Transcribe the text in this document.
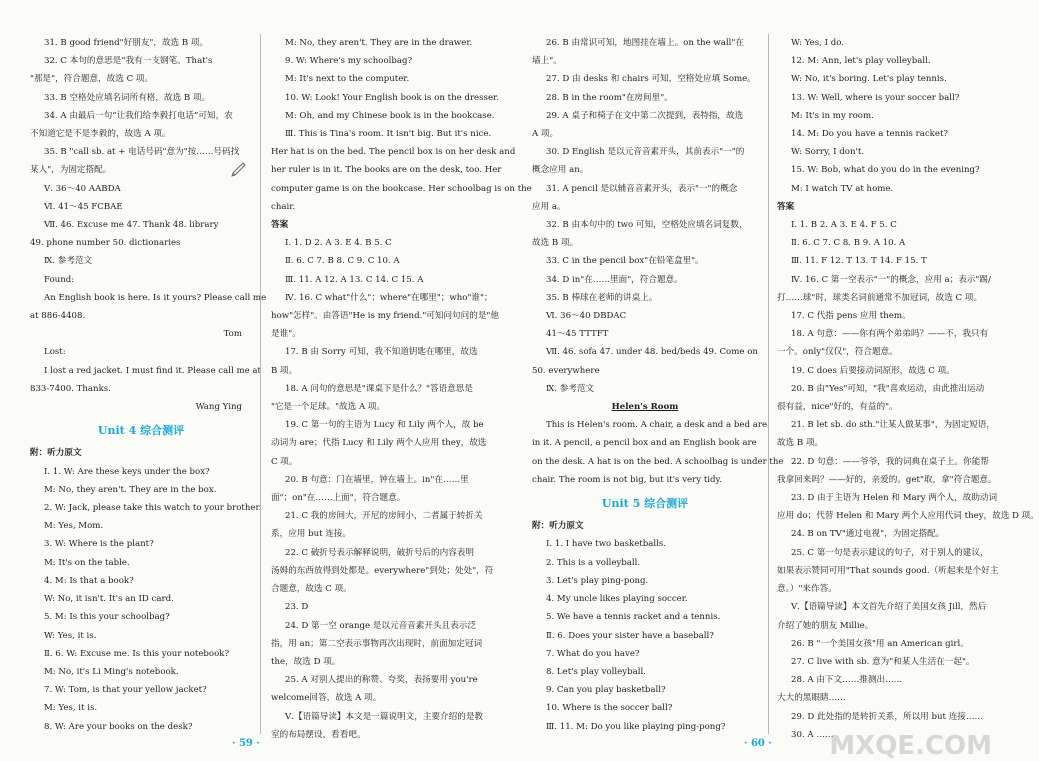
31. B good friend"好朋友"，故选 B 项。
32. C 本句的意思是“我有一支钢笔。That's
"那是"，符合题意，故选 C 项。
33. B 空格处应填名词所有格，故选 B 项。
34. A 由最后一句“让我们给李毅打电话”可知，农
不知道它是不是李毅的，故选 A 项。
35. B "call sb. at + 电话号码"意为"按……号码找
某人"，为固定搭配。
Ⅴ. 36～40 AABDA
Ⅵ. 41～45 FCBAE
Ⅶ. 46. Excuse me 47. Thank 48. library
49. phone number 50. dictionaries
Ⅸ. 参考范文
Found:
An English book is here. Is it yours? Please call me
at 886-4408.
Tom
Lost:
I lost a red jacket. I must find it. Please call me at
833-7400. Thanks.
Wang Ying
Unit 4 综合测评
附：听力原文
Ⅰ. 1. W: Are these keys under the box?
M: No, they aren't. They are in the box.
2. W: Jack, please take this watch to your brother.
M: Yes, Mom.
3. W: Where is the plant?
M: It's on the table.
4. M: Is that a book?
W: No, it isn't. It's an ID card.
5. M: Is this your schoolbag?
W: Yes, it is.
Ⅱ. 6. W: Excuse me. Is this your notebook?
M: No, it's Li Ming's notebook.
7. W: Tom, is that your yellow jacket?
M: Yes, it is.
8. W: Are your books on the desk?
M: No, they aren't. They are in the drawer.
9. W: Where's my schoolbag?
M: It's next to the computer.
10. W: Look! Your English book is on the dresser.
M: Oh, and my Chinese book is in the bookcase.
Ⅲ. This is Tina's room. It isn't big. But it's nice.
Her hat is on the bed. The pencil box is on her desk and
her ruler is in it. The books are on the desk, too. Her
computer game is on the bookcase. Her schoolbag is on the
chair.
答案
Ⅰ. 1. D 2. A 3. E 4. B 5. C
Ⅱ. 6. C 7. B 8. C 9. C 10. A
Ⅲ. 11. A 12. A 13. C 14. C 15. A
Ⅳ. 16. C what"什么"；where"在哪里"；who"谁"；
how"怎样"。由答语"He is my friend."可知问句问的是"他
是谁"。
17. B 由 Sorry 可知，我不知道钥匙在哪里，故选
B 项。
18. A 问句的意思是"课桌下是什么？"答语意思是
"它是一个足球。"故选 A 项。
19. C 第一句的主语为 Lucy 和 Lily 两个人，故 be
动词为 are；代指 Lucy 和 Lily 两个人应用 they，故选
C 项。
20. B 句意：门在墙里，钟在墙上。in"在……里
面"；on"在……上面"，符合题意。
21. C 我的房间大，开尼的房间小，二者属于转折关
系，应用 but 连接。
22. C 破折号表示解释说明，破折号后的内容表明
汤姆的东西放得到处都是。everywhere"到处；处处"，符
合题意，故选 C 项。
23. D
24. D 第一空 orange 是以元音音素开头且表示泛
指，用 an；第二空表示事物再次出现时，前面加定冠词
the，故选 D 项。
25. A 对别人提出的称赞、夸奖，表扬要用 you're
welcome回答，故选 A 项。
Ⅴ.【语篇导读】本文是一篇说明文，主要介绍的是教
室的布局摆设，看看吧。
26. B 由常识可知，地图挂在墙上。on the wall"在
墙上"。
27. D 由 desks 和 chairs 可知，空格处应填 Some。
28. B in the room"在房间里"。
29. A 桌子和椅子在文中第二次提到，表特指，故选
A 项。
30. D English 是以元音音素开头，其前表示"一"的
概念应用 an。
31. A pencil 是以辅音音素开头，表示"一"的概念
应用 a。
32. B 由本句中的 two 可知，空格处应填名词复数，
故选 B 项。
33. C in the pencil box"在铅笔盒里"。
34. D in"在……里面"，符合题意。
35. B 棒球在老师的讲桌上。
Ⅵ. 36～40 DBDAC
41～45 TTTFT
Ⅶ. 46. sofa 47. under 48. bed/beds 49. Come on
50. everywhere
Ⅸ. 参考范文
Helen's Room
This is Helen's room. A chair, a desk and a bed are
in it. A pencil, a pencil box and an English book are
on the desk. A hat is on the bed. A schoolbag is under the
chair. The room is not big, but it's very tidy.
Unit 5 综合测评
附：听力原文
Ⅰ. 1. I have two basketballs.
2. This is a volleyball.
3. Let's play ping-pong.
4. My uncle likes playing soccer.
5. We have a tennis racket and a tennis.
Ⅱ. 6. Does your sister have a baseball?
7. What do you have?
8. Let's play volleyball.
9. Can you play basketball?
10. Where is the soccer ball?
Ⅲ. 11. M: Do you like playing ping-pong?
W: Yes, I do.
12. M: Ann, let's play volleyball.
W: No, it's boring. Let's play tennis.
13. W: Well, where is your soccer ball?
M: It's in my room.
14. M: Do you have a tennis racket?
W: Sorry, I don't.
15. W: Bob, what do you do in the evening?
M: I watch TV at home.
答案
Ⅰ. 1. B 2. A 3. E 4. F 5. C
Ⅱ. 6. C 7. C 8. B 9. A 10. A
Ⅲ. 11. F 12. T 13. T 14. F 15. T
Ⅳ. 16. C 第一空表示"一"的概念，应用 a；表示"踢/
打……球"时，球类名词前通常不加冠词，故选 C 项。
17. C 代指 pens 应用 them。
18. A 句意：——你有两个弟弟吗？——不，我只有
一个。only"仅仅"，符合题意。
19. C does 后要接动词原形，故选 C 项。
20. B 由"Yes"可知，"我"喜欢运动，由此推出运动
很有益，nice"好的，有益的"。
21. B let sb. do sth."让某人做某事"，为固定短语，
故选 B 项。
22. D 句意：——爷爷，我的词典在桌子上。你能帮
我拿回来吗？——好的，亲爱的。get"取，拿"符合题意。
23. D 由于主语为 Helen 和 Mary 两个人，故助动词
应用 do；代替 Helen 和 Mary 两个人应用代词 they，故选 D 项。
24. B on TV"通过电视"，为固定搭配。
25. C 第一句是表示建议的句子，对于别人的建议，
如果表示赞同可用"That sounds good.（听起来是个好主
意。）"来作答。
Ⅴ.【语篇导读】本文首先介绍了美国女孩 Jill，然后
介绍了她的朋友 Millie。
26. B "一个美国女孩"用 an American girl。
27. C live with sb. 意为"和某人生活在一起"。
28. A 由下文……推测出……
大大的黑眼睛……
29. D 此处指的是转折关系，所以用 but 连接……
30. A ……
· 59 ·	· 60 · MXQE.COM
